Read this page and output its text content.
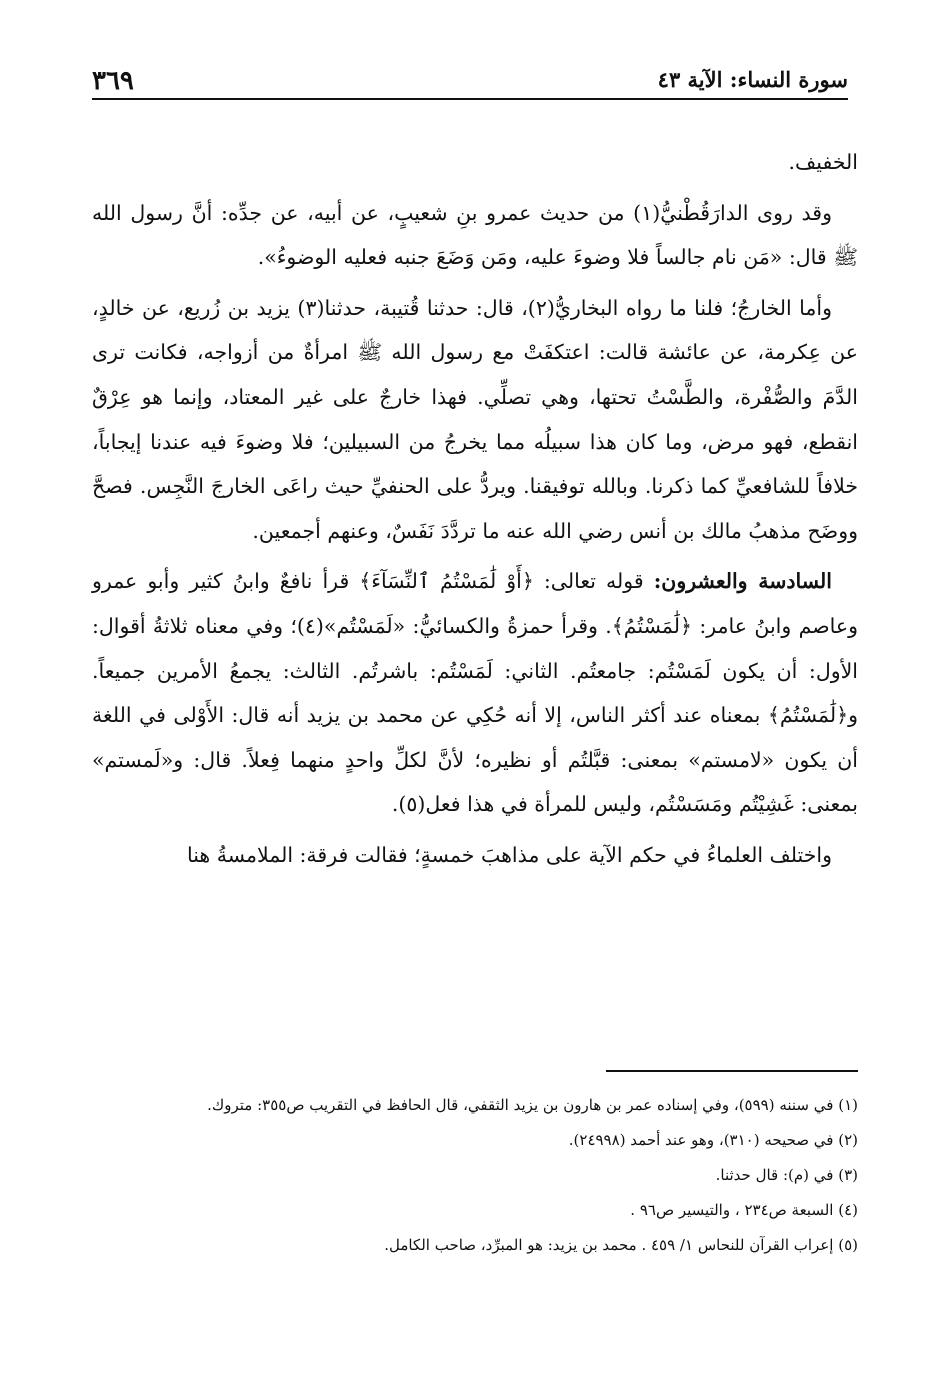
سورة النساء: الآية ٤٣
٣٦٩

الخفيف.

وقد روى الدارَقُطْنيُّ(١) من حديث عمرو بنِ شعيبٍ، عن أبيه، عن جدِّه: أنَّ رسول الله ﷺ قال: «مَن نام جالساً فلا وضوءَ عليه، ومَن وَضَعَ جنبه فعليه الوضوءُ».

وأما الخارجُ؛ فلنا ما رواه البخاريُّ(٢)، قال: حدثنا قُتيبة، حدثنا(٣) يزيد بن زُريع، عن خالدٍ، عن عِكرمة، عن عائشة قالت: اعتكفَتْ مع رسول الله ﷺ امرأةٌ من أزواجه، فكانت ترى الدَّمَ والصُّفْرة، والطَّسْتُ تحتها، وهي تصلِّي. فهذا خارجٌ على غير المعتاد، وإنما هو عِرْقٌ انقطع، فهو مرض، وما كان هذا سبيلُه مما يخرجُ من السبيلين؛ فلا وضوءَ فيه عندنا إيجاباً، خلافاً للشافعيِّ كما ذكرنا. وبالله توفيقنا. ويردُّ على الحنفيِّ حيث راعَى الخارجَ النَّجِس. فصحَّ ووضَح مذهبُ مالك بن أنس رضي الله عنه ما تردَّدَ نَفَسٌ، وعنهم أجمعين.

السادسة والعشرون: قوله تعالى: ﴿أَوْ لَٰمَسْتُمُ ٱلنِّسَآءَ﴾ قرأ نافعٌ وابنُ كثير وأبو عمرو وعاصم وابنُ عامر: ﴿لَٰمَسْتُمُ﴾. وقرأ حمزةُ والكسائيُّ: «لَمَسْتُم»(٤)؛ وفي معناه ثلاثةُ أقوال: الأول: أن يكون لَمَسْتُم: جامعتُم. الثاني: لَمَسْتُم: باشرتُم. الثالث: يجمعُ الأمرين جميعاً. و﴿لَٰمَسْتُمُ﴾ بمعناه عند أكثر الناس، إلا أنه حُكِي عن محمد بن يزيد أنه قال: الأَوْلى في اللغة أن يكون «لامستم» بمعنى: قبَّلتُم أو نظيره؛ لأنَّ لكلِّ واحدٍ منهما فِعلاً. قال: و«لَمستم» بمعنى: غَشِيْتُم ومَسَسْتُم، وليس للمرأة في هذا فعل(٥).

واختلف العلماءُ في حكم الآية على مذاهبَ خمسةٍ؛ فقالت فرقة: الملامسةُ هنا

(١) في سننه (٥٩٩)، وفي إسناده عمر بن هارون بن يزيد الثقفي، قال الحافظ في التقريب ص٣٥٥: متروك.
(٢) في صحيحه (٣١٠)، وهو عند أحمد (٢٤٩٩٨).
(٣) في (م): قال حدثنا.
(٤) السبعة ص٢٣٤ ، والتيسير ص٩٦ .
(٥) إعراب القرآن للنحاس ١/ ٤٥٩ . محمد بن يزيد: هو المبرِّد، صاحب الكامل.
